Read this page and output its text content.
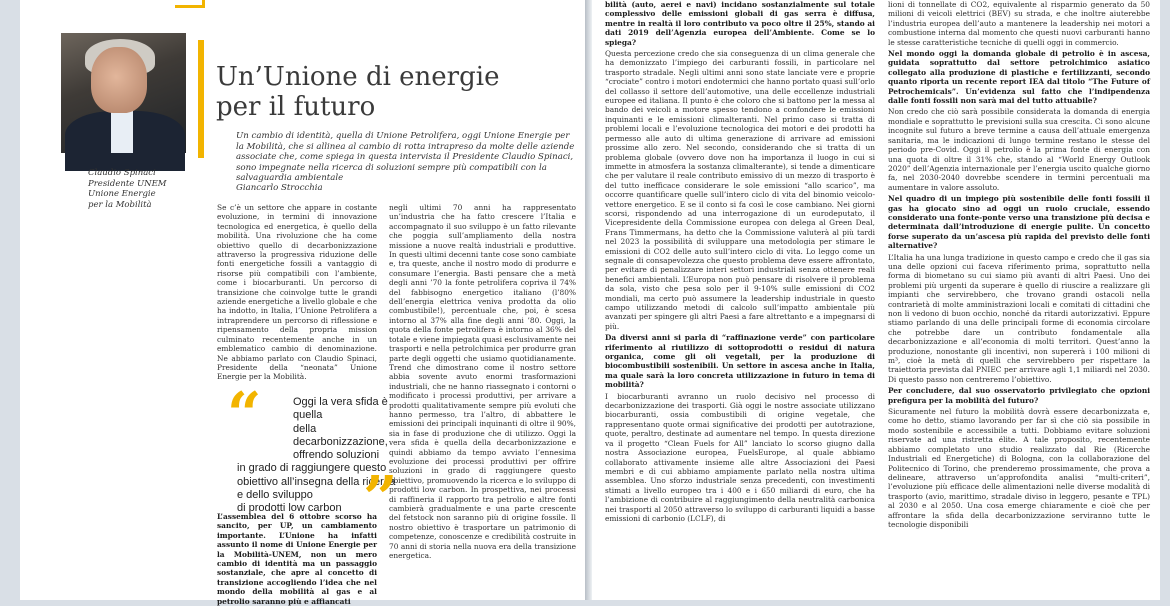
Claudio Spinaci
Presidente UNEM
Unione Energie
per la Mobilità
Un’Unione di energie
per il futuro
Un cambio di identità, quella di Unione Petrolifera, oggi Unione Energie per la Mobilità, che si allinea al cambio di rotta intrapreso da molte delle aziende associate che, come spiega in questa intervista il Presidente Claudio Spinaci, sono impegnate nella ricerca di soluzioni sempre più compatibili con la salvaguardia ambientale
Giancarlo Strocchia

Se c’è un settore che appare in costante evoluzione, in termini di innovazione tecnologica ed energetica, è quello della mobilità. Una rivoluzione che ha come obiettivo quello di decarbonizzazione attraverso la progressiva riduzione delle fonti energetiche fossili a vantaggio di risorse più compatibili con l’ambiente, come i biocarburanti. Un percorso di transizione che coinvolge tutte le grandi aziende energetiche a livello globale e che ha indotto, in Italia, l’Unione Petrolifera a intraprendere un percorso di riflessione e ripensamento della propria mission culminato recentemente anche in un emblematico cambio di denominazione. Ne abbiamo parlato con Claudio Spinaci, Presidente della “neonata” Unione Energie per la Mobilità.

L’assemblea del 6 ottobre scorso ha sancito, per UP, un cambiamento importante. L’Unione ha infatti assunto il nome di Unione Energie per la Mobilità-UNEM, non un mero cambio di identità ma un passaggio sostanziale, che apre al concetto di transizione accogliendo l’idea che nel mondo della mobilità al gas e al petrolio saranno più e affiancati

negli ultimi 70 anni ha rappresentato un’industria che ha fatto crescere l’Italia e accompagnato il suo sviluppo è un fatto rilevante che poggia sull’ampliamento della nostra missione a nuove realtà industriali e produttive. In questi ultimi decenni tante cose sono cambiate e, tra queste, anche il nostro modo di produrre e consumare l’energia. Basti pensare che a metà degli anni ’70 la fonte petrolifera copriva il 74% del fabbisogno energetico italiano (l’80% dell’energia elettrica veniva prodotta da olio combustibile!), percentuale che, poi, è scesa intorno al 37% alla fine degli anni ’80. Oggi, la quota della fonte petrolifera è intorno al 36% del totale e viene impiegata quasi esclusivamente nei trasporti e nella petrolchimica per produrre gran parte degli oggetti che usiamo quotidianamente. Trend che dimostrano come il nostro settore abbia sovente avuto enormi trasformazioni industriali, che ne hanno riassegnato i contorni o modificato i processi produttivi, per arrivare a prodotti qualitativamente sempre più evoluti che hanno permesso, tra l’altro, di abbattere le emissioni dei principali inquinanti di oltre il 90%, sia in fase di produzione che di utilizzo. Oggi la vera sfida è quella della decarbonizzazione e quindi abbiamo da tempo avviato l’ennesima evoluzione dei processi produttivi per offrire soluzioni in grado di raggiungere questo obiettivo, promuovendo la ricerca e lo sviluppo di prodotti low carbon. In prospettiva, nei processi di raffineria il rapporto tra petrolio e altre fonti cambierà gradualmente e una parte crescente del fetstock non saranno più di origine fossile. Il nostro obiettivo è trasportare un patrimonio di competenze, conoscenze e credibilità costruite in 70 anni di storia nella nuova era della transizione energetica.

“	Oggi la vera sfida è quella
della decarbonizzazione,
offrendo soluzioni
in grado di raggiungere questo
obiettivo all’insegna della ricerca
e dello sviluppo
di prodotti low carbon ”

bilità (auto, aerei e navi) incidano sostanzialmente sul totale complessivo delle emissioni globali di gas serra è diffusa, mentre in realtà il loro contributo va poco oltre il 25%, stando ai dati 2019 dell’Agenzia europea dell’Ambiente. Come se lo spiega?

Questa percezione credo che sia conseguenza di un clima generale che ha demonizzato l’impiego dei carburanti fossili, in particolare nel trasporto stradale. Negli ultimi anni sono state lanciate vere e proprie “crociate” contro i motori endotermici che hanno portato quasi sull’orlo del collasso il settore dell’automotive, una delle eccellenze industriali europee ed italiana. Il punto è che coloro che si battono per la messa al bando dei veicoli a motore spesso tendono a confondere le emissioni inquinanti e le emissioni climalteranti. Nel primo caso si tratta di problemi locali e l’evoluzione tecnologica dei motori e dei prodotti ha permesso alle auto di ultima generazione di arrivare ad emissioni prossime allo zero. Nel secondo, considerando che si tratta di un problema globale (ovvero dove non ha importanza il luogo in cui si immette in atmosfera la sostanza climalterante), si tende a dimenticare che per valutare il reale contributo emissivo di un mezzo di trasporto è del tutto inefficace considerare le sole emissioni “allo scarico”, ma occorre quantificare quelle sull’intero ciclo di vita del binomio veicolo-vettore energetico. E se il conto si fa così le cose cambiano. Nei giorni scorsi, rispondendo ad una interrogazione di un eurodeputato, il Vicepresidente della Commissione europea con delega al Green Deal, Frans Timmermans, ha detto che la Commissione valuterà al più tardi nel 2023 la possibilità di sviluppare una metodologia per stimare le emissioni di CO2 delle auto sull’intero ciclo di vita. Lo leggo come un segnale di consapevolezza che questo problema deve essere affrontato, per evitare di penalizzare interi settori industriali senza ottenere reali benefici ambientali. L’Europa non può pensare di risolvere il problema da sola, visto che pesa solo per il 9-10% sulle emissioni di CO2 mondiali, ma certo può assumere la leadership industriale in questo campo utilizzando metodi di calcolo sull’impatto ambientale più avanzati per spingere gli altri Paesi a fare altrettanto e a impegnarsi di più.

Da diversi anni si parla di “raffinazione verde” con particolare riferimento al riutilizzo di sottoprodotti o residui di natura organica, come gli oli vegetali, per la produzione di biocombustibili sostenibili. Un settore in ascesa anche in Italia, ma quale sarà la loro concreta utilizzazione in futuro in tema di mobilità?

I biocarburanti avranno un ruolo decisivo nel processo di decarbonizzazione dei trasporti. Già oggi le nostre associate utilizzano biocarburanti, ossia combustibili di origine vegetale, che rappresentano quote ormai significative dei prodotti per autotrazione, quote, peraltro, destinate ad aumentare nel tempo. In questa direzione va il progetto “Clean Fuels for All” lanciato lo scorso giugno dalla nostra Associazione europea, FuelsEurope, al quale abbiamo collaborato attivamente insieme alle altre Associazioni dei Paesi membri e di cui abbiamo ampiamente parlato nella nostra ultima assemblea. Uno sforzo industriale senza precedenti, con investimenti stimati a livello europeo tra i 400 e i 650 miliardi di euro, che ha l’ambizione di contribuire al raggiungimento della neutralità carbonica nei trasporti al 2050 attraverso lo sviluppo di carburanti liquidi a basse emissioni di carbonio (LCLF), di

lioni di tonnellate di CO2, equivalente al risparmio generato da 50 milioni di veicoli elettrici (BEV) su strada, e che inoltre aiuterebbe l’industria europea dell’auto a mantenere la leadership nei motori a combustione interna dal momento che questi nuovi carburanti hanno le stesse caratteristiche tecniche di quelli oggi in commercio.

Nel mondo oggi la domanda globale di petrolio è in ascesa, guidata soprattutto dal settore petrolchimico asiatico collegato alla produzione di plastiche e fertilizzanti, secondo quanto riporta un recente report IEA dal titolo “The Future of Petrochemicals”. Un’evidenza sul fatto che l’indipendenza dalle fonti fossili non sarà mai del tutto attuabile?

Non credo che ciò sarà possibile considerata la domanda di energia mondiale e soprattutto le previsioni sulla sua crescita. Ci sono alcune incognite sul futuro a breve termine a causa dell’attuale emergenza sanitaria, ma le indicazioni di lungo termine restano le stesse del periodo pre-Covid. Oggi il petrolio è la prima fonte di energia con una quota di oltre il 31% che, stando al “World Energy Outlook 2020” dell’Agenzia internazionale per l’energia uscito qualche giorno fa, nel 2030-2040 dovrebbe scendere in termini percentuali ma aumentare in valore assoluto.

Nel quadro di un impiego più sostenibile delle fonti fossili il gas ha giocato sino ad oggi un ruolo cruciale, essendo considerato una fonte-ponte verso una transizione più decisa e determinata dall’introduzione di energie pulite. Un concetto forse superato da un’ascesa più rapida del previsto delle fonti alternative?

L’Italia ha una lunga tradizione in questo campo e credo che il gas sia una delle opzioni cui faceva riferimento prima, soprattutto nella forma di biometano su cui siamo più avanti di altri Paesi. Uno dei problemi più urgenti da superare è quello di riuscire a realizzare gli impianti che servirebbero, che trovano grandi ostacoli nella contrarietà di molte amministrazioni locali e comitati di cittadini che non li vedono di buon occhio, nonché da ritardi autorizzativi. Eppure stiamo parlando di una delle principali forme di economia circolare che potrebbe dare un contributo fondamentale alla decarbonizzazione e all’economia di molti territori. Quest’anno la produzione, nonostante gli incentivi, non supererà i 100 milioni di m³, cioè la metà di quelli che servirebbero per rispettare la traiettoria prevista dal PNIEC per arrivare agli 1,1 miliardi nel 2030. Di questo passo non centreremo l’obiettivo.

Per concludere, dal suo osservatorio privilegiato che opzioni prefigura per la mobilità del futuro?

Sicuramente nel futuro la mobilità dovrà essere decarbonizzata e, come ho detto, stiamo lavorando per far sì che ciò sia possibile in modo sostenibile e accessibile a tutti. Dobbiamo evitare soluzioni riservate ad una ristretta élite. A tale proposito, recentemente abbiamo completato uno studio realizzato dal Rie (Ricerche Industriali ed Energetiche) di Bologna, con la collaborazione del Politecnico di Torino, che prenderemo prossimamente, che prova a delineare, attraverso un’approfondita analisi “multi-criteri”, l’evoluzione più efficace delle alimentazioni nelle diverse modalità di trasporto (avio, marittimo, stradale diviso in leggero, pesante e TPL) al 2030 e al 2050. Una cosa emerge chiaramente e cioè che per affrontare la sfida della decarbonizzazione serviranno tutte le tecnologie disponibili
